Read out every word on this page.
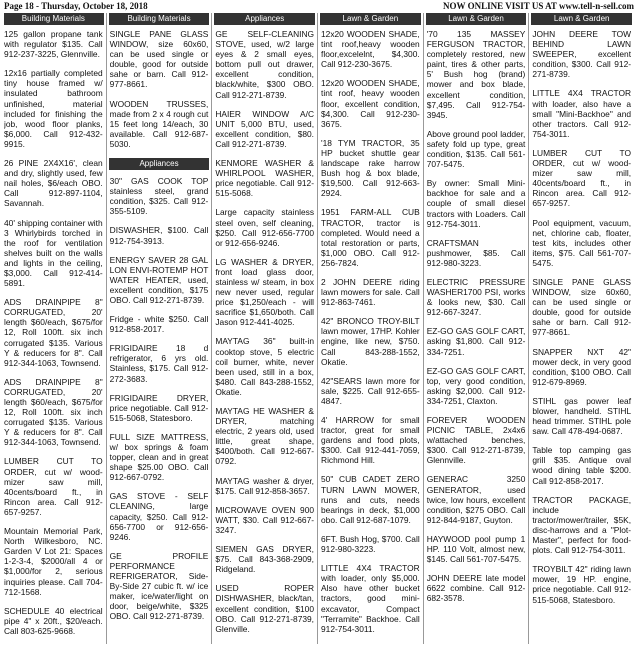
Page 18 - Thursday, October 18, 2018	NOW ONLINE VISIT US AT www.tell-n-sell.com
Building Materials

125 gallon propane tank with regulator $135. Call 912-237-3225, Glennville.

12x16 partially completed tiny house framed w/ insulated bathroom unfinished, material included for finishing the job, wood floor planks, $6,000. Call 912-432-9915.

26 PINE 2X4X16', clean and dry, slightly used, few nail holes, $6/each OBO. Call 912-897-1104, Savannah.

40' shipping container with 3 Whirlybirds torched in the roof for ventilation shelves built on the walls and lights in the ceiling, $3,000. Call 912-414-5891.

ADS DRAINPIPE 8" CORRUGATED, 20' length $60/each, $675/for 12, Roll 100ft. six inch corrugated $135. Various Y & reducers for 8". Call 912-344-1063, Townsend.

ADS DRAINPIPE 8" CORRUGATED, 20' length $60/each, $675/for 12, Roll 100ft. six inch corrugated $135. Various Y & reducers for 8". Call 912-344-1063, Townsend.

LUMBER CUT TO ORDER, cut w/ wood-mizer saw mill, 40cents/board ft., in Rincon area. Call 912-657-9257.

Mountain Memorial Park, North Wilkesboro, NC. Garden V Lot 21: Spaces 1-2-3-4, $2000/all 4 or $1,000/for 2, serious inquiries please. Call 704-712-1568.

SCHEDULE 40 electrical pipe 4" x 20ft., $20/each. Call 803-625-9668.

Building Materials

SINGLE PANE GLASS WINDOW, size 60x60, can be used single or double, good for outside sahe or barn. Call 912-977-8661.

WOODEN TRUSSES, made from 2 x 4 rough cut 15 feet long 14/each, 30 available. Call 912-687-5030.

Appliances

30" GAS COOK TOP stainless steel, grand condition, $325. Call 912-355-5109.

DISWASHER, $100. Call 912-754-3913.

ENERGY SAVER 28 GAL LON ENVI-ROTEMP HOT WATER HEATER, used, excellent condition, $175 OBO. Call 912-271-8739.

Fridge - white $250. Call 912-858-2017.

FRIGIDAIRE 18 d refrigerator, 6 yrs old. Stainless, $175. Call 912-272-3683.

FRIGIDAIRE DRYER, price negotiable. Call 912-515-5068, Statesboro.

FULL SIZE MATTRESS, w/ box springs & foam topper, clean and in great shape $25.00 OBO. Call 912-667-0792.

GAS STOVE - SELF CLEANING, large capacity, $250. Call 912-656-7700 or 912-656-9246.

GE PROFILE PERFORMANCE REFRIGERATOR, Side-By-Side 27 cubic ft. w/ ice maker, ice/water/light on door, beige/white, $325 OBO. Call 912-271-8739.

Appliances

GE SELF-CLEANING STOVE, used, w/2 large eyes & 2 small eyes, bottom pull out drawer, excellent condition, black/white, $300 OBO. Call 912-271-8739.

HAIER WINDOW A/C UNIT 5,000 BTU, used, excellent condition, $80. Call 912-271-8739.

KENMORE WASHER & WHIRLPOOL WASHER, price negotiable. Call 912-515-5068.

Large capacity stainless steel oven, self cleaning, $250. Call 912-656-7700 or 912-656-9246.

LG WASHER & DRYER, front load glass door, stainless w/ steam, in box new never used, regular price $1,250/each - will sacrifice $1,650/both. Call Jason 912-441-4025.

MAYTAG 36" built-in cooktop stove, 5 electric coil burner, white, never been used, still in a box, $480. Call 843-288-1552, Okatie.

MAYTAG HE WASHER & DRYER, matching electric, 2 years old, used little, great shape, $400/both. Call 912-667-0792.

MAYTAG washer & dryer, $175. Call 912-858-3657.

MICROWAVE OVEN 900 WATT, $30. Call 912-667-3247.

SIEMEN GAS DRYER, $75. Call 843-368-2909, Ridgeland.

USED ROPER DISHWASHER, black/tan, excellent condition, $100 OBO. Call 912-271-8739, Glenville.

Lawn & Garden

12x20 WOODEN SHADE, tint roof,heavy wooden floor,excelelnt, $4,300. Call 912-230-3675.

12x20 WOODEN SHADE, tint roof, heavy wooden floor, excellent condition, $4,300. Call 912-230-3675.

'18 TYM TRACTOR, 35 HP bucket shuttle gear landscape rake harrow Bush hog & box blade, $19,500. Call 912-663-2924.

1951 FARM-ALL CUB TRACTOR, tractor is completed. Would need a total restoration or parts, $1,000 OBO. Call 912-256-7824.

2 JOHN DEERE riding lawn mowers for sale. Call 912-863-7461.

42" BRONCO TROY-BILT lawn mower, 17HP. Kohler engine, like new, $750. Call 843-288-1552, Okatie.

42"SEARS lawn more for sale, $225. Call 912-655-4847.

4' HARROW for small tractor, great for small gardens and food plots, $300. Call 912-441-7059, Richmond Hill.

50" CUB CADET ZERO TURN LAWN MOWER, runs and cuts, needs bearings in deck, $1,000 obo. Call 912-687-1079.

6FT. Bush Hog, $700. Call 912-980-3223.

LITTLE 4X4 TRACTOR with loader, only $5,000. Also have other bucket tractors, good mini-excavator, Compact "Terramite" Backhoe. Call 912-754-3011.

Lawn & Garden

'70 135 MASSEY FERGUSON TRACTOR, completely restored, new paint, tires & other parts, 5' Bush hog (brand) mower and box blade, excellent condition, $7,495. Call 912-754-3945.

Above ground pool ladder, safety fold up type, great condition, $135. Call 561-707-5475.

By owner: Small Mini-backhoe for sale and a couple of small diesel tractors with Loaders. Call 912-754-3011.

CRAFTSMAN pushmower, $85. Call 912-980-3223.

ELECTRIC PRESSURE WASHER1700 PSI, works & looks new, $30. Call 912-667-3247.

EZ-GO GAS GOLF CART, asking $1,800. Call 912-334-7251.

EZ-GO GAS GOLF CART, top, very good condition, asking $2,000. Call 912-334-7251, Claxton.

FOREVER WOODEN PICNIC TABLE, 2x4x6 w/attached benches, $300. Call 912-271-8739, Glennville.

GENERAC 3250 GENERATOR, used twice, low hours, excellent condition, $275 OBO. Call 912-844-9187, Guyton.

HAYWOOD pool pump 1 HP. 110 Volt, almost new, $145. Call 561-707-5475.

JOHN DEERE late model 6622 combine. Call 912-682-3578.

Lawn & Garden

JOHN DEERE TOW BEHIND LAWN SWEEPER, excellent condition, $300. Call 912-271-8739.

LITTLE 4X4 TRACTOR with loader, also have a small "Mini-Backhoe" and other tractors. Call 912-754-3011.

LUMBER CUT TO ORDER, cut w/ wood-mizer saw mill, 40cents/board ft., in Rincon area. Call 912-657-9257.

Pool equipment, vacuum, net, chlorine cab, floater, test kits, includes other items, $75. Call 561-707-5475.

SINGLE PANE GLASS WINDOW, size 60x60, can be used single or double, good for outside sahe or barn. Call 912-977-8661.

SNAPPER NXT 42" mower deck, in very good condition, $100 OBO. Call 912-679-8969.

STIHL gas power leaf blower, handheld. STIHL head trimmer. STIHL pole saw. Call 478-494-0687.

Table top camping gas grill $35. Antique oval wood dining table $200. Call 912-858-2017.

TRACTOR PACKAGE, include tractor/mower/trailer, $5K, disc-harrows and a "Plot-Master", perfect for food-plots. Call 912-754-3011.

TROYBILT 42" riding lawn mower, 19 HP. engine, price negotiable. Call 912-515-5068, Statesboro.
